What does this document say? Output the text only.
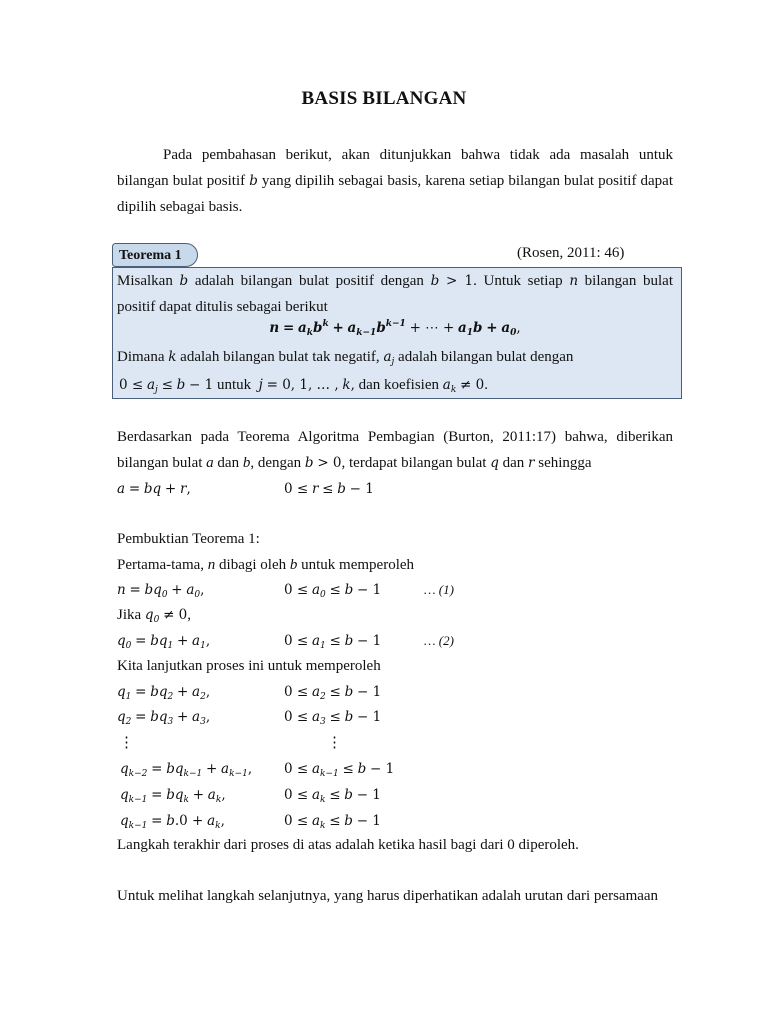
BASIS BILANGAN

Pada pembahasan berikut, akan ditunjukkan bahwa tidak ada masalah untuk bilangan bulat positif b yang dipilih sebagai basis, karena setiap bilangan bulat positif dapat dipilih sebagai basis.

Teorema 1	(Rosen, 2011: 46)
Misalkan b adalah bilangan bulat positif dengan b > 1. Untuk setiap n bilangan bulat positif dapat ditulis sebagai berikut
$n = a_kb^k + a_{k-1}b^{k-1}$ + ⋯ + $a_1b + a_0$,
Dimana k adalah bilangan bulat tak negatif, $a_j$ adalah bilangan bulat dengan
$0 \le a_j \le b - 1$ untuk  j = 0, 1, … , k, dan koefisien $a_k \ne 0$.

Berdasarkan pada Teorema Algoritma Pembagian (Burton, 2011:17) bahwa, diberikan bilangan bulat a dan b, dengan b > 0, terdapat bilangan bulat q dan r sehingga

a = bq + r,	0 ≤ r ≤ b − 1
Pembuktian Teorema 1:
Pertama-tama, n dibagi oleh b untuk memperoleh
$n = bq_0 + a_0$,	$0 \le a_0 \le b - 1$	… (1)
Jika $q_0 \ne 0$,
$q_0 = bq_1 + a_1$,	$0 \le a_1 \le b - 1$	… (2)
Kita lanjutkan proses ini untuk memperoleh
$q_1 = bq_2 + a_2$,	$0 \le a_2 \le b - 1$
$q_2 = bq_3 + a_3$,	$0 \le a_3 \le b - 1$
⋮	⋮
$q_{k-2} = bq_{k-1} + a_{k-1}$, $0 \le a_{k-1} \le b - 1$
$q_{k-1} = bq_k + a_k$,	$0 \le a_k \le b - 1$
$q_{k-1} = b.0 + a_k$,	$0 \le a_k \le b - 1$
Langkah terakhir dari proses di atas adalah ketika hasil bagi dari 0 diperoleh.
Untuk melihat langkah selanjutnya, yang harus diperhatikan adalah urutan dari persamaan
